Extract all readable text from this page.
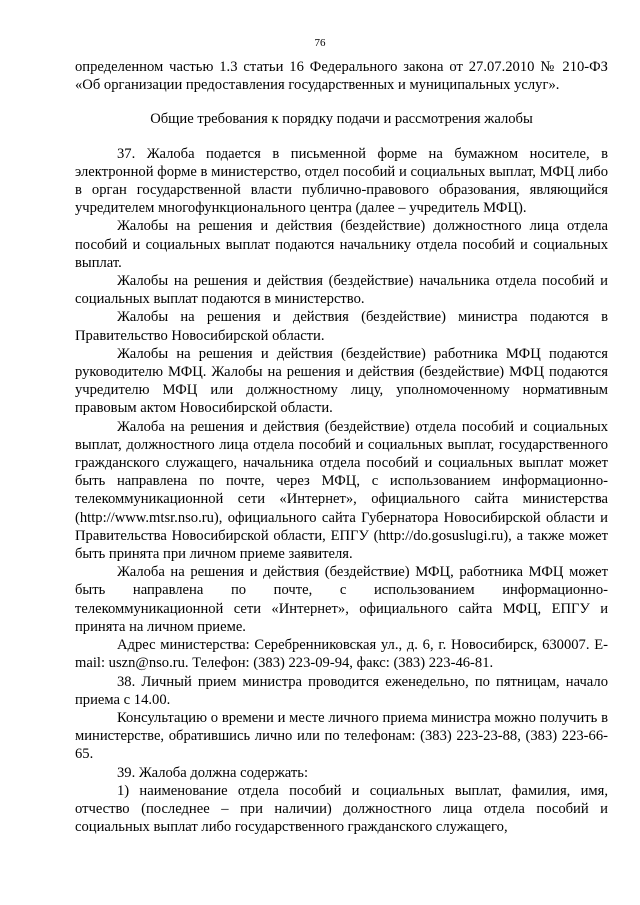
76

определенном частью 1.3 статьи 16 Федерального закона от 27.07.2010 № 210-ФЗ «Об организации предоставления государственных и муниципальных услуг».

Общие требования к порядку подачи и рассмотрения жалобы

37. Жалоба подается в письменной форме на бумажном носителе, в электронной форме в министерство, отдел пособий и социальных выплат, МФЦ либо в орган государственной власти публично-правового образования, являющийся учредителем многофункционального центра (далее – учредитель МФЦ).

Жалобы на решения и действия (бездействие) должностного лица отдела пособий и социальных выплат подаются начальнику отдела пособий и социальных выплат.

Жалобы на решения и действия (бездействие) начальника отдела пособий и социальных выплат подаются в министерство.

Жалобы на решения и действия (бездействие) министра подаются в Правительство Новосибирской области.

Жалобы на решения и действия (бездействие) работника МФЦ подаются руководителю МФЦ. Жалобы на решения и действия (бездействие) МФЦ подаются учредителю МФЦ или должностному лицу, уполномоченному нормативным правовым актом Новосибирской области.

Жалоба на решения и действия (бездействие) отдела пособий и социальных выплат, должностного лица отдела пособий и социальных выплат, государственного гражданского служащего, начальника отдела пособий и социальных выплат может быть направлена по почте, через МФЦ, с использованием информационно-телекоммуникационной сети «Интернет», официального сайта министерства (http://www.mtsr.nso.ru), официального сайта Губернатора Новосибирской области и Правительства Новосибирской области, ЕПГУ (http://do.gosuslugi.ru), а также может быть принята при личном приеме заявителя.

Жалоба на решения и действия (бездействие) МФЦ, работника МФЦ может быть направлена по почте, с использованием информационно-телекоммуникационной сети «Интернет», официального сайта МФЦ, ЕПГУ и принята на личном приеме.

Адрес министерства: Серебренниковская ул., д. 6, г. Новосибирск, 630007. E-mail: uszn@nso.ru. Телефон: (383) 223-09-94, факс: (383) 223-46-81.

38. Личный прием министра проводится еженедельно, по пятницам, начало приема с 14.00.

Консультацию о времени и месте личного приема министра можно получить в министерстве, обратившись лично или по телефонам: (383) 223-23-88, (383) 223-66-65.

39. Жалоба должна содержать:

1) наименование отдела пособий и социальных выплат, фамилия, имя, отчество (последнее – при наличии) должностного лица отдела пособий и социальных выплат либо государственного гражданского служащего,
